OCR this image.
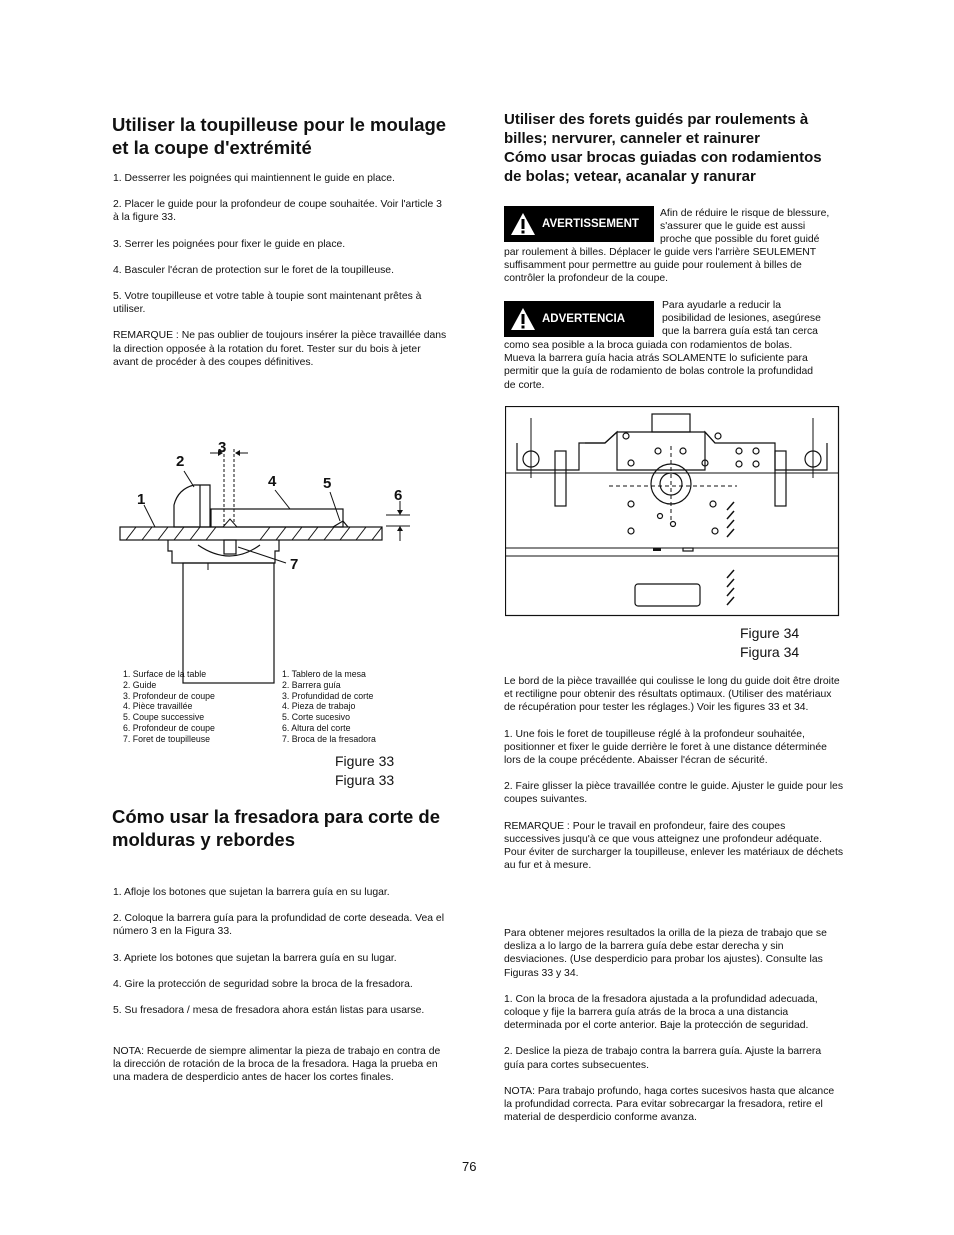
Utiliser la toupilleuse pour le moulage et la coupe d'extrémité
1. Desserrer les poignées qui maintiennent le guide en place.
2. Placer le guide pour la profondeur de coupe souhaitée. Voir l'article 3 à la figure 33.
3. Serrer les poignées pour fixer le guide en place.
4. Basculer l'écran de protection sur le foret de la toupilleuse.
5. Votre toupilleuse et votre table à toupie sont maintenant prêtes à utiliser.
REMARQUE : Ne pas oublier de toujours insérer la pièce travaillée dans la direction opposée à la rotation du foret. Tester sur du bois à jeter avant de procéder à des coupes définitives.
1
2
3
4	5
6
7
1. Surface de la table
2. Guide
3. Profondeur de coupe
4. Pièce travaillée
5. Coupe successive
6. Profondeur de coupe
7. Foret de toupilleuse
1. Tablero de la mesa
2. Barrera guía
3. Profundidad de corte
4. Pieza de trabajo
5. Corte sucesivo
6. Altura del corte
7. Broca de la fresadora
Figure 33
Figura 33
Cómo usar la fresadora para corte de molduras y rebordes
1. Afloje los botones que sujetan la barrera guía en su lugar.
2. Coloque la barrera guía para la profundidad de corte deseada. Vea el número 3 en la Figura 33.
3. Apriete los botones que sujetan la barrera guía en su lugar.
4. Gire la protección de seguridad sobre la broca de la fresadora.
5. Su fresadora / mesa de fresadora ahora están listas para usarse.
NOTA: Recuerde de siempre alimentar la pieza de trabajo en contra de la dirección de rotación de la broca de la fresadora. Haga la prueba en una madera de desperdicio antes de hacer los cortes finales.
Utiliser des forets guidés par roulements à
billes; nervurer, canneler et rainurer
Cómo usar brocas guiadas con rodamientos
de bolas; vetear, acanalar y ranurar
AVERTISSEMENT
Afin de réduire le risque de blessure,
s'assurer que le guide est aussi
proche que possible du foret guidé
par roulement à billes. Déplacer le guide vers l'arrière SEULEMENT
suffisamment pour permettre au guide pour roulement à billes de
contrôler la profondeur de la coupe.
ADVERTENCIA
Para ayudarle a reducir la
posibilidad de lesiones, asegúrese
que la barrera guía está tan cerca
como sea posible a la broca guiada con rodamientos de bolas.
Mueva la barrera guía hacia atrás SOLAMENTE lo suficiente para
permitir que la guía de rodamiento de bolas controle la profundidad
de corte.
Figure 34
Figura 34
Le bord de la pièce travaillée qui coulisse le long du guide doit être droite et rectiligne pour obtenir des résultats optimaux. (Utiliser des matériaux de récupération pour tester les réglages.) Voir les figures 33 et 34.
1. Une fois le foret de toupilleuse réglé à la profondeur souhaitée, positionner et fixer le guide derrière le foret à une distance déterminée lors de la coupe précédente. Abaisser l'écran de sécurité.
2. Faire glisser la pièce travaillée contre le guide. Ajuster le guide pour les coupes suivantes.
REMARQUE : Pour le travail en profondeur, faire des coupes successives jusqu'à ce que vous atteignez une profondeur adéquate. Pour éviter de surcharger la toupilleuse, enlever les matériaux de déchets au fur et à mesure.
Para obtener mejores resultados la orilla de la pieza de trabajo que se desliza a lo largo de la barrera guía debe estar derecha y sin desviaciones. (Use desperdicio para probar los ajustes). Consulte las Figuras 33 y 34.
1. Con la broca de la fresadora ajustada a la profundidad adecuada, coloque y fije la barrera guía atrás de la broca a una distancia determinada por el corte anterior. Baje la protección de seguridad.
2. Deslice la pieza de trabajo contra la barrera guía. Ajuste la barrera guía para cortes subsecuentes.
NOTA: Para trabajo profundo, haga cortes sucesivos hasta que alcance la profundidad correcta. Para evitar sobrecargar la fresadora, retire el material de desperdicio conforme avanza.
76
